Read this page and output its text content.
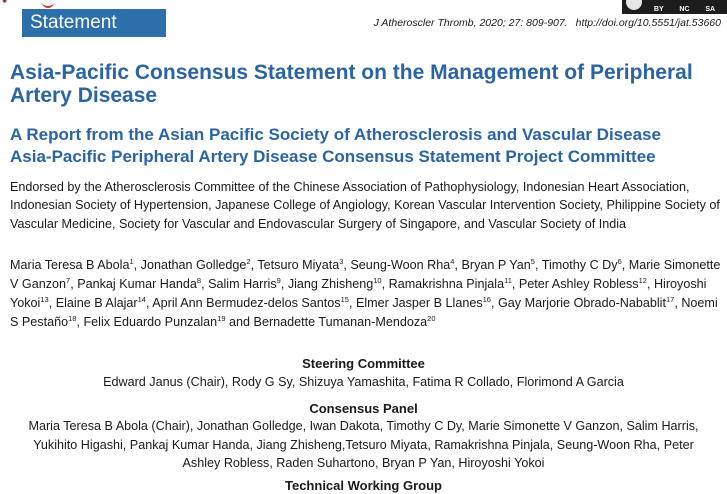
✺
Statement
BY NC SA
J Atheroscler Thromb, 2020; 27: 809-907. http://doi.org/10.5551/jat.53660
Asia-Pacific Consensus Statement on the Management of Peripheral Artery Disease
A Report from the Asian Pacific Society of Atherosclerosis and Vascular Disease
Asia-Pacific Peripheral Artery Disease Consensus Statement Project Committee

Endorsed by the Atherosclerosis Committee of the Chinese Association of Pathophysiology, Indonesian Heart Association, Indonesian Society of Hypertension, Japanese College of Angiology, Korean Vascular Intervention Society, Philippine Society of Vascular Medicine, Society for Vascular and Endovascular Surgery of Singapore, and Vascular Society of India

Maria Teresa B Abola$^1$, Jonathan Golledge$^2$, Tetsuro Miyata$^3$, Seung-Woon Rha$^4$, Bryan P Yan$^5$, Timothy C Dy$^6$, Marie Simonette V Ganzon$^7$, Pankaj Kumar Handa$^8$, Salim Harris$^9$, Jiang Zhisheng$^{10}$, Ramakrishna Pinjala$^{11}$, Peter Ashley Robless$^{12}$, Hiroyoshi Yokoi$^{13}$, Elaine B Alajar$^{14}$, April Ann Bermudez-delos Santos$^{15}$, Elmer Jasper B Llanes$^{16}$, Gay Marjorie Obrado-Nabablit$^{17}$, Noemi S Pestaño$^{18}$, Felix Eduardo Punzalan$^{19}$ and Bernadette Tumanan-Mendoza$^{20}$

Steering Committee

Edward Janus (Chair), Rody G Sy, Shizuya Yamashita, Fatima R Collado, Florimond A Garcia

Consensus Panel

Maria Teresa B Abola (Chair), Jonathan Golledge, Iwan Dakota, Timothy C Dy, Marie Simonette V Ganzon, Salim Harris, Yukihito Higashi, Pankaj Kumar Handa, Jiang Zhisheng,Tetsuro Miyata, Ramakrishna Pinjala, Seung-Woon Rha, Peter Ashley Robless, Raden Suhartono, Bryan P Yan, Hiroyoshi Yokoi

Technical Working Group
